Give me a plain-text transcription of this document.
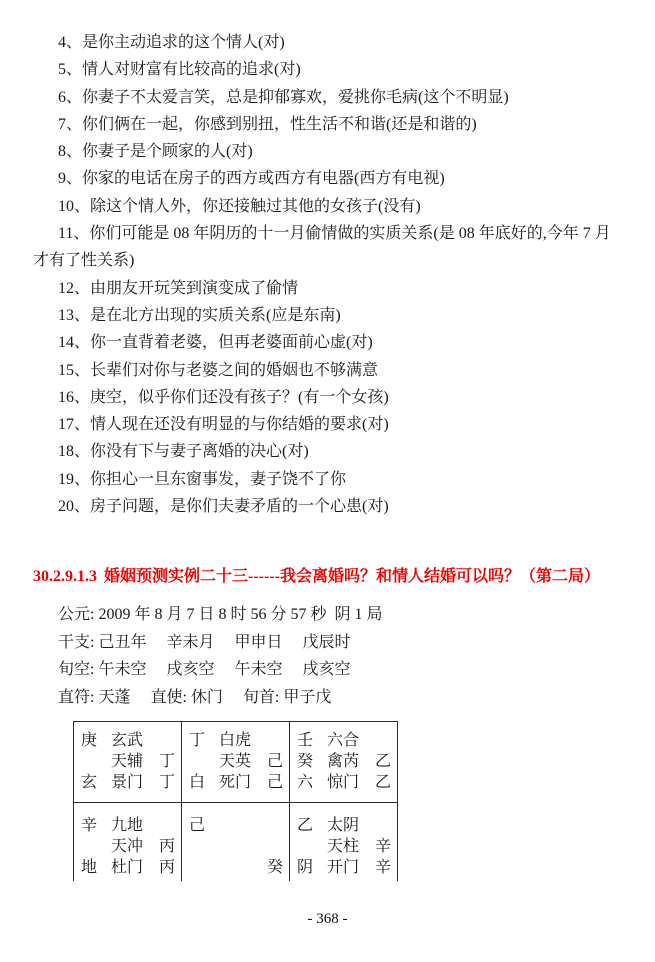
4、是你主动追求的这个情人(对)

5、情人对财富有比较高的追求(对)

6、你妻子不太爱言笑，总是抑郁寡欢，爱挑你毛病(这个不明显)

7、你们俩在一起，你感到别扭，性生活不和谐(还是和谐的)

8、你妻子是个顾家的人(对)

9、你家的电话在房子的西方或西方有电器(西方有电视)

10、除这个情人外，你还接触过其他的女孩子(没有)

11、你们可能是 08 年阴历的十一月偷情做的实质关系(是 08 年底好的,今年 7 月才有了性关系)

12、由朋友开玩笑到演变成了偷情

13、是在北方出现的实质关系(应是东南)

14、你一直背着老婆，但再老婆面前心虚(对)

15、长辈们对你与老婆之间的婚姻也不够满意

16、庚空，似乎你们还没有孩子？(有一个女孩)

17、情人现在还没有明显的与你结婚的要求(对)

18、你没有下与妻子离婚的决心(对)

19、你担心一旦东窗事发，妻子饶不了你

20、房子问题，是你们夫妻矛盾的一个心患(对)

30.2.9.1.3 婚姻预测实例二十三------我会离婚吗？和情人结婚可以吗？（第二局）

公元: 2009 年 8 月 7 日 8 时 56 分 57 秒  阴 1 局

干支: 己丑年　 辛未月　 甲申日　 戊辰时

旬空: 午未空　 戌亥空　 午未空　 戌亥空

直符: 天蓬　 直使: 休门　 旬首: 甲子戊

庚 玄武
天辅 丁
玄 景门 丁
丁 白虎
天英 己
白 死门 己
壬 六合
癸 禽芮 乙
六 惊门 乙
辛 九地
天冲 丙
地 杜门 丙
己
癸
乙 太阴
天柱 辛
阴 开门 辛
- 368 -
